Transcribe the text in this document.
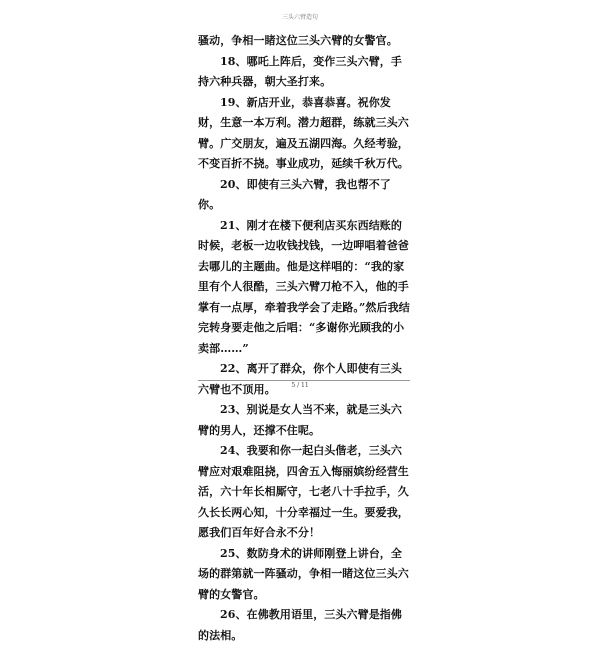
三头六臂造句

骚动，争相一睹这位三头六臂的女警官。

18、哪吒上阵后，变作三头六臂，手持六种兵器，朝大圣打来。

19、新店开业，恭喜恭喜。祝你发财，生意一本万利。潜力超群，练就三头六臂。广交朋友，遍及五湖四海。久经考验，不变百折不挠。事业成功，延续千秋万代。

20、即使有三头六臂，我也帮不了你。

21、刚才在楼下便利店买东西结账的时候，老板一边收钱找钱，一边呷唱着爸爸去哪儿的主题曲。他是这样唱的：“我的家里有个人很酷，三头六臂刀枪不入，他的手掌有一点厚，牵着我学会了走路。”然后我结完转身要走他之后唱：“多谢你光顾我的小卖部……”

22、离开了群众，你个人即使有三头六臂也不顶用。

23、别说是女人当不来，就是三头六臂的男人，还撑不住呢。

24、我要和你一起白头偕老，三头六臂应对艰难阻挠，四舍五入悔丽嫔纷经营生活，六十年长相厮守，七老八十手拉手，久久长长两心知，十分幸福过一生。要爱我，愿我们百年好合永不分！

25、数防身术的讲师刚登上讲台，全场的群第就一阵骚动，争相一睹这位三头六臂的女警官。

26、在佛教用语里，三头六臂是指佛的法相。

5 / 11
